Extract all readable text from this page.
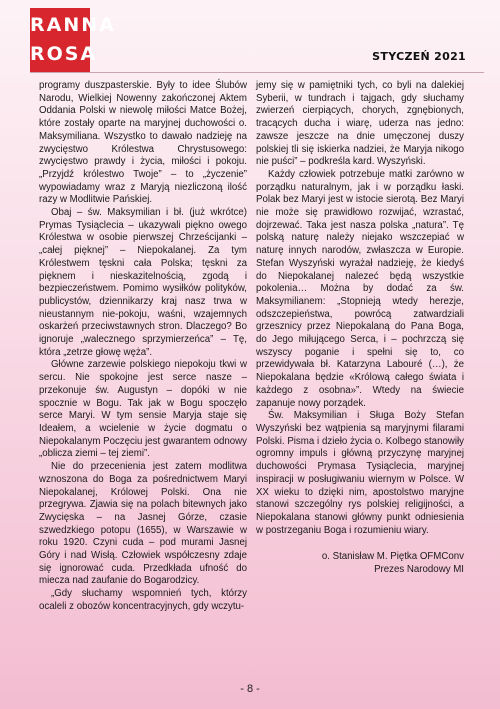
RANNA
ROSA	STYCZEŃ 2021

programy duszpasterskie. Były to idee Ślubów Narodu, Wielkiej Nowenny zakończonej Aktem Oddania Polski w niewolę miłości Matce Bożej, które zostały oparte na maryjnej duchowości o. Maksymiliana. Wszystko to dawało nadzieję na zwycięstwo Królestwa Chrystusowego: zwycięstwo prawdy i życia, miłości i pokoju. „Przyjdź królestwo Twoje” – to „życzenie” wypowiadamy wraz z Maryją niezliczoną ilość razy w Modlitwie Pańskiej.

Obaj – św. Maksymilian i bł. (już wkrótce) Prymas Tysiąclecia – ukazywali piękno owego Królestwa w osobie pierwszej Chrześcijanki – „całej pięknej” – Niepokalanej. Za tym Królestwem tęskni cała Polska; tęskni za pięknem i nieskazitelnością, zgodą i bezpieczeństwem. Pomimo wysiłków polityków, publicystów, dziennikarzy kraj nasz trwa w nieustannym nie-pokoju, waśni, wzajemnych oskarżeń przeciwstawnych stron. Dlaczego? Bo ignoruje „walecznego sprzymierzeńca” – Tę, która „zetrze głowę węża”.

Główne zarzewie polskiego niepokoju tkwi w sercu. Nie spokojne jest serce nasze – przekonuje św. Augustyn – dopóki w nie spocznie w Bogu. Tak jak w Bogu spoczęło serce Maryi. W tym sensie Maryja staje się Ideałem, a wcielenie w życie dogmatu o Niepokalanym Poczęciu jest gwarantem odnowy „oblicza ziemi – tej ziemi”.

Nie do przecenienia jest zatem modlitwa wznoszona do Boga za pośrednictwem Maryi Niepokalanej, Królowej Polski. Ona nie przegrywa. Zjawia się na polach bitewnych jako Zwycięska – na Jasnej Górze, czasie szwedzkiego potopu (1655), w Warszawie w roku 1920. Czyni cuda – pod murami Jasnej Góry i nad Wisłą. Człowiek współczesny zdaje się ignorować cuda. Przedkłada ufność do mieczа nad zaufanie do Bogarodzicy.

„Gdy słuchamy wspomnień tych, którzy ocaleli z obozów koncentracyjnych, gdy wczytu-

jemy się w pamiętniki tych, co byli na dalekiej Syberii, w tundrach i tajgach, gdy słuchamy zwierzeń cierpiących, chorych, zgnębionych, tracących ducha i wiarę, uderza nas jedno: zawsze jeszcze na dnie umęczonej duszy polskiej tli się iskierka nadziei, że Maryja nikogo nie puści” – podkreśla kard. Wyszyński.

Każdy człowiek potrzebuje matki zarówno w porządku naturalnym, jak i w porządku łaski. Polak bez Maryi jest w istocie sierotą. Bez Maryi nie może się prawidłowo rozwijać, wzrastać, dojrzewać. Taka jest nasza polska „natura”. Tę polską naturę należy niejako wszczepiać w naturę innych narodów, zwłaszcza w Europie. Stefan Wyszyński wyrażał nadzieję, że kiedyś do Niepokalanej nalezeć będą wszystkie pokolenia… Można by dodać za św. Maksymilianem: „Stopnieją wtedy herezje, odszczepieństwa, powrócą zatwardziali grzesznicy przez Niepokalaną do Pana Boga, do Jego miłującego Serca, i – pochrzczą się wszyscy poganie i spełni się to, co przewidywała bł. Katarzyna Labouré (…), że Niepokalana będzie «Królową całego świata i każdego z osobna»”. Wtedy na świecie zapanuje nowy porządek.

Św. Maksymilian i Sługa Boży Stefan Wyszyński bez wątpienia są maryjnymi filarami Polski. Pisma i dzieło życia o. Kolbego stanowiły ogromny impuls i główną przyczynę maryjnej duchowości Prymasa Tysiąclecia, maryjnej inspiracji w posługiwaniu wiernym w Polsce. W XX wieku to dzięki nim, apostolstwo maryjne stanowi szczególny rys polskiej religijności, a Niepokalana stanowi główny punkt odniesienia w postrzeganiu Boga i rozumieniu wiary.

o. Stanisław M. Piętka OFMConv

Prezes Narodowy MI

- 8 -
